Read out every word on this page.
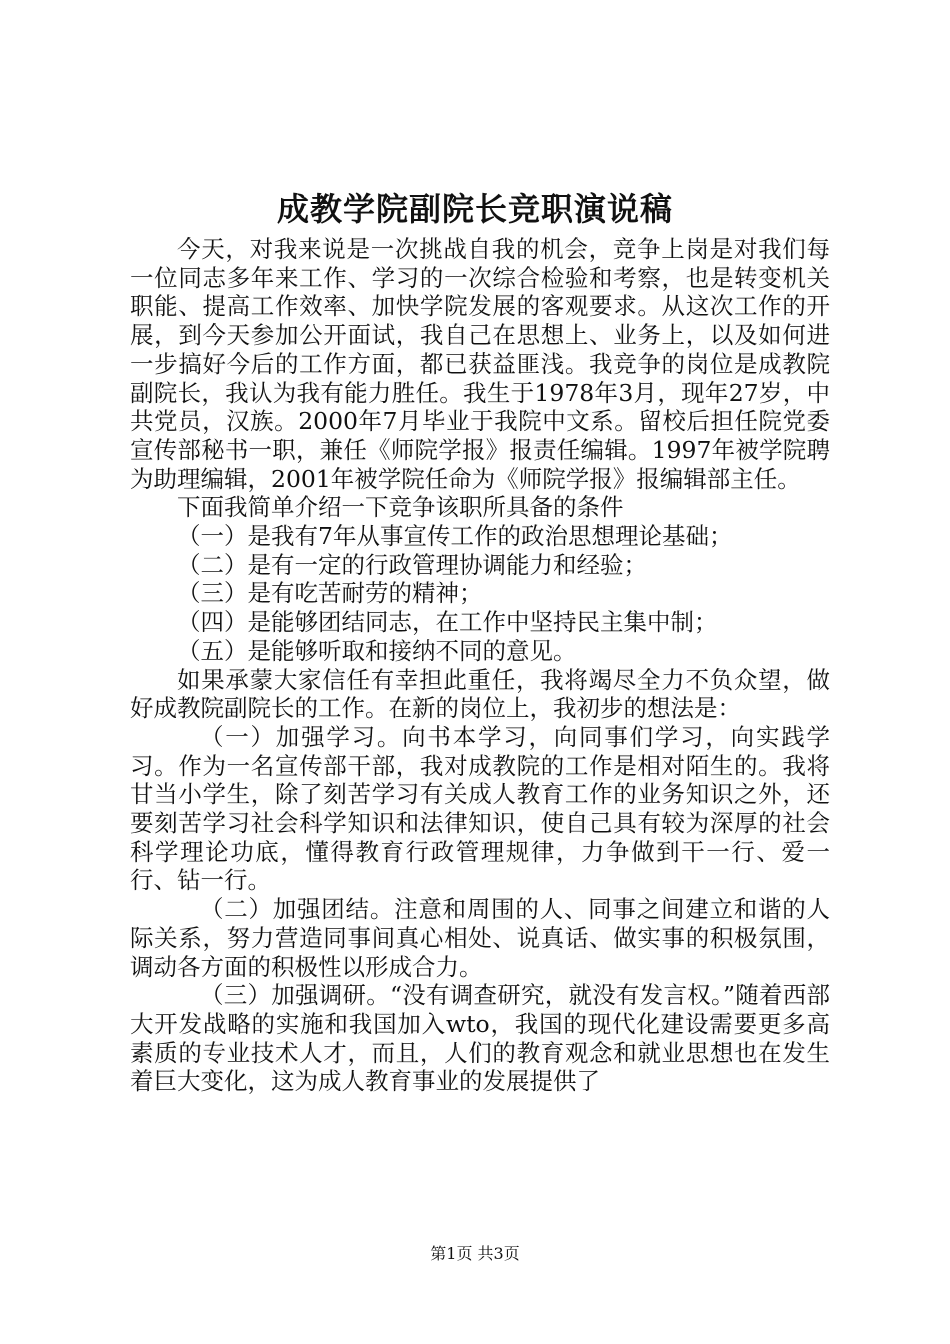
成教学院副院长竞职演说稿

今天，对我来说是一次挑战自我的机会，竞争上岗是对我们每一位同志多年来工作、学习的一次综合检验和考察，也是转变机关职能、提高工作效率、加快学院发展的客观要求。从这次工作的开展，到今天参加公开面试，我自己在思想上、业务上，以及如何进一步搞好今后的工作方面，都已获益匪浅。我竞争的岗位是成教院副院长，我认为我有能力胜任。我生于1978年3月，现年27岁，中共党员，汉族。2000年7月毕业于我院中文系。留校后担任院党委宣传部秘书一职，兼任《师院学报》报责任编辑。1997年被学院聘为助理编辑，2001年被学院任命为《师院学报》报编辑部主任。

下面我简单介绍一下竞争该职所具备的条件

（一）是我有7年从事宣传工作的政治思想理论基础；

（二）是有一定的行政管理协调能力和经验；

（三）是有吃苦耐劳的精神；

（四）是能够团结同志，在工作中坚持民主集中制；

（五）是能够听取和接纳不同的意见。

如果承蒙大家信任有幸担此重任，我将竭尽全力不负众望，做好成教院副院长的工作。在新的岗位上，我初步的想法是：

（一）加强学习。向书本学习，向同事们学习，向实践学习。作为一名宣传部干部，我对成教院的工作是相对陌生的。我将甘当小学生，除了刻苦学习有关成人教育工作的业务知识之外，还要刻苦学习社会科学知识和法律知识，使自己具有较为深厚的社会科学理论功底，懂得教育行政管理规律，力争做到干一行、爱一行、钻一行。

（二）加强团结。注意和周围的人、同事之间建立和谐的人际关系，努力营造同事间真心相处、说真话、做实事的积极氛围，调动各方面的积极性以形成合力。

（三）加强调研。“没有调查研究，就没有发言权。”随着西部大开发战略的实施和我国加入wto，我国的现代化建设需要更多高素质的专业技术人才，而且，人们的教育观念和就业思想也在发生着巨大变化，这为成人教育事业的发展提供了

第1页 共3页
